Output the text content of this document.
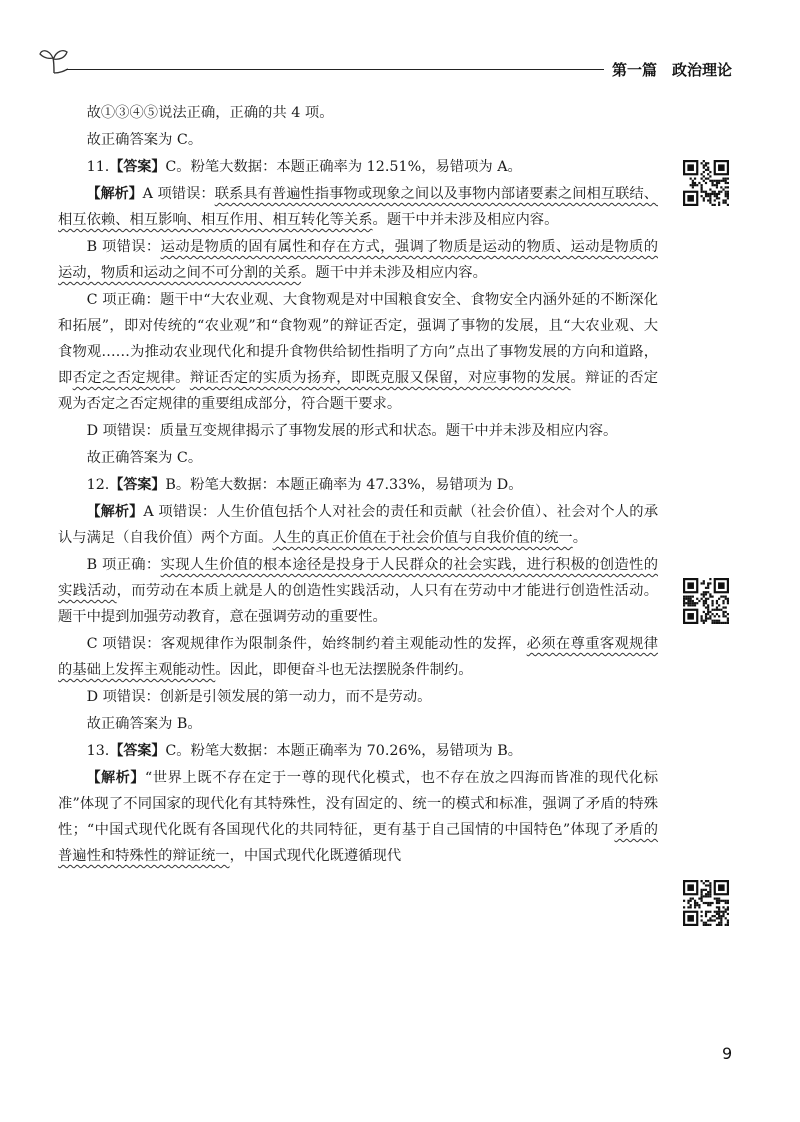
第一篇　政治理论

故①③④⑤说法正确，正确的共 4 项。

故正确答案为 C。

11.【答案】C。粉笔大数据：本题正确率为 12.51%，易错项为 A。

【解析】A 项错误：联系具有普遍性指事物或现象之间以及事物内部诸要素之间相互联结、相互依赖、相互影响、相互作用、相互转化等关系。题干中并未涉及相应内容。

B 项错误：运动是物质的固有属性和存在方式，强调了物质是运动的物质、运动是物质的运动，物质和运动之间不可分割的关系。题干中并未涉及相应内容。

C 项正确：题干中“大农业观、大食物观是对中国粮食安全、食物安全内涵外延的不断深化和拓展”，即对传统的“农业观”和“食物观”的辩证否定，强调了事物的发展，且“大农业观、大食物观……为推动农业现代化和提升食物供给韧性指明了方向”点出了事物发展的方向和道路，即否定之否定规律。辩证否定的实质为扬弃，即既克服又保留，对应事物的发展。辩证的否定观为否定之否定规律的重要组成部分，符合题干要求。

D 项错误：质量互变规律揭示了事物发展的形式和状态。题干中并未涉及相应内容。

故正确答案为 C。

12.【答案】B。粉笔大数据：本题正确率为 47.33%，易错项为 D。

【解析】A 项错误：人生价值包括个人对社会的责任和贡献（社会价值）、社会对个人的承认与满足（自我价值）两个方面。人生的真正价值在于社会价值与自我价值的统一。

B 项正确：实现人生价值的根本途径是投身于人民群众的社会实践，进行积极的创造性的实践活动，而劳动在本质上就是人的创造性实践活动，人只有在劳动中才能进行创造性活动。题干中提到加强劳动教育，意在强调劳动的重要性。

C 项错误：客观规律作为限制条件，始终制约着主观能动性的发挥，必须在尊重客观规律的基础上发挥主观能动性。因此，即便奋斗也无法摆脱条件制约。

D 项错误：创新是引领发展的第一动力，而不是劳动。

故正确答案为 B。

13.【答案】C。粉笔大数据：本题正确率为 70.26%，易错项为 B。

【解析】“世界上既不存在定于一尊的现代化模式，也不存在放之四海而皆准的现代化标准”体现了不同国家的现代化有其特殊性，没有固定的、统一的模式和标准，强调了矛盾的特殊性；“中国式现代化既有各国现代化的共同特征，更有基于自己国情的中国特色”体现了矛盾的普遍性和特殊性的辩证统一，中国式现代化既遵循现代

9
